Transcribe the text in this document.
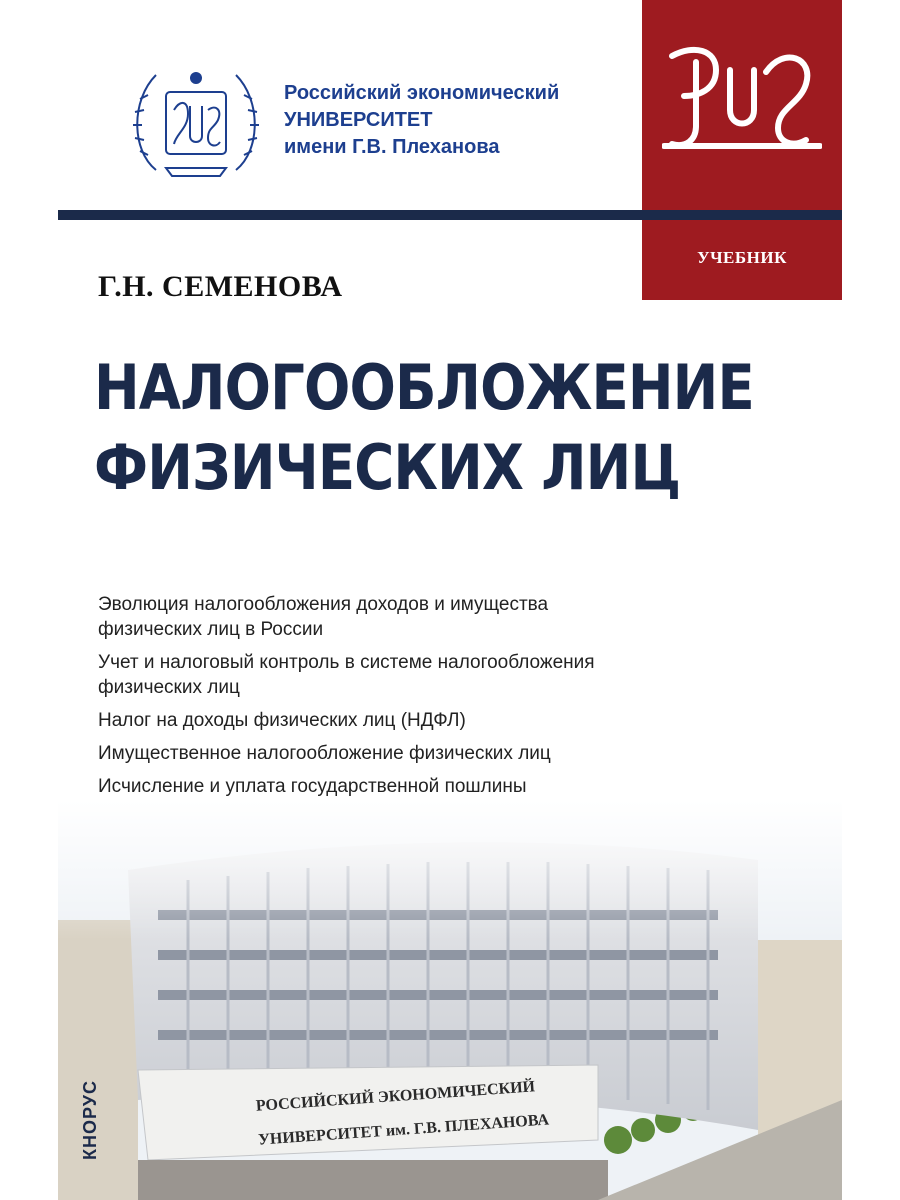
Российский экономический
УНИВЕРСИТЕТ
имени Г.В. Плеханова
УЧЕБНИК
Г.Н. СЕМЕНОВА
НАЛОГООБЛОЖЕНИЕ
ФИЗИЧЕСКИХ ЛИЦ
Эволюция налогообложения доходов и имущества
физических лиц в России
Учет и налоговый контроль в системе налогообложения
физических лиц
Налог на доходы физических лиц (НДФЛ)
Имущественное налогообложение физических лиц
Исчисление и уплата государственной пошлины
РОССИЙСКИЙ ЭКОНОМИЧЕСКИЙ
УНИВЕРСИТЕТ им. Г.В. ПЛЕХАНОВА
КНОРУС
